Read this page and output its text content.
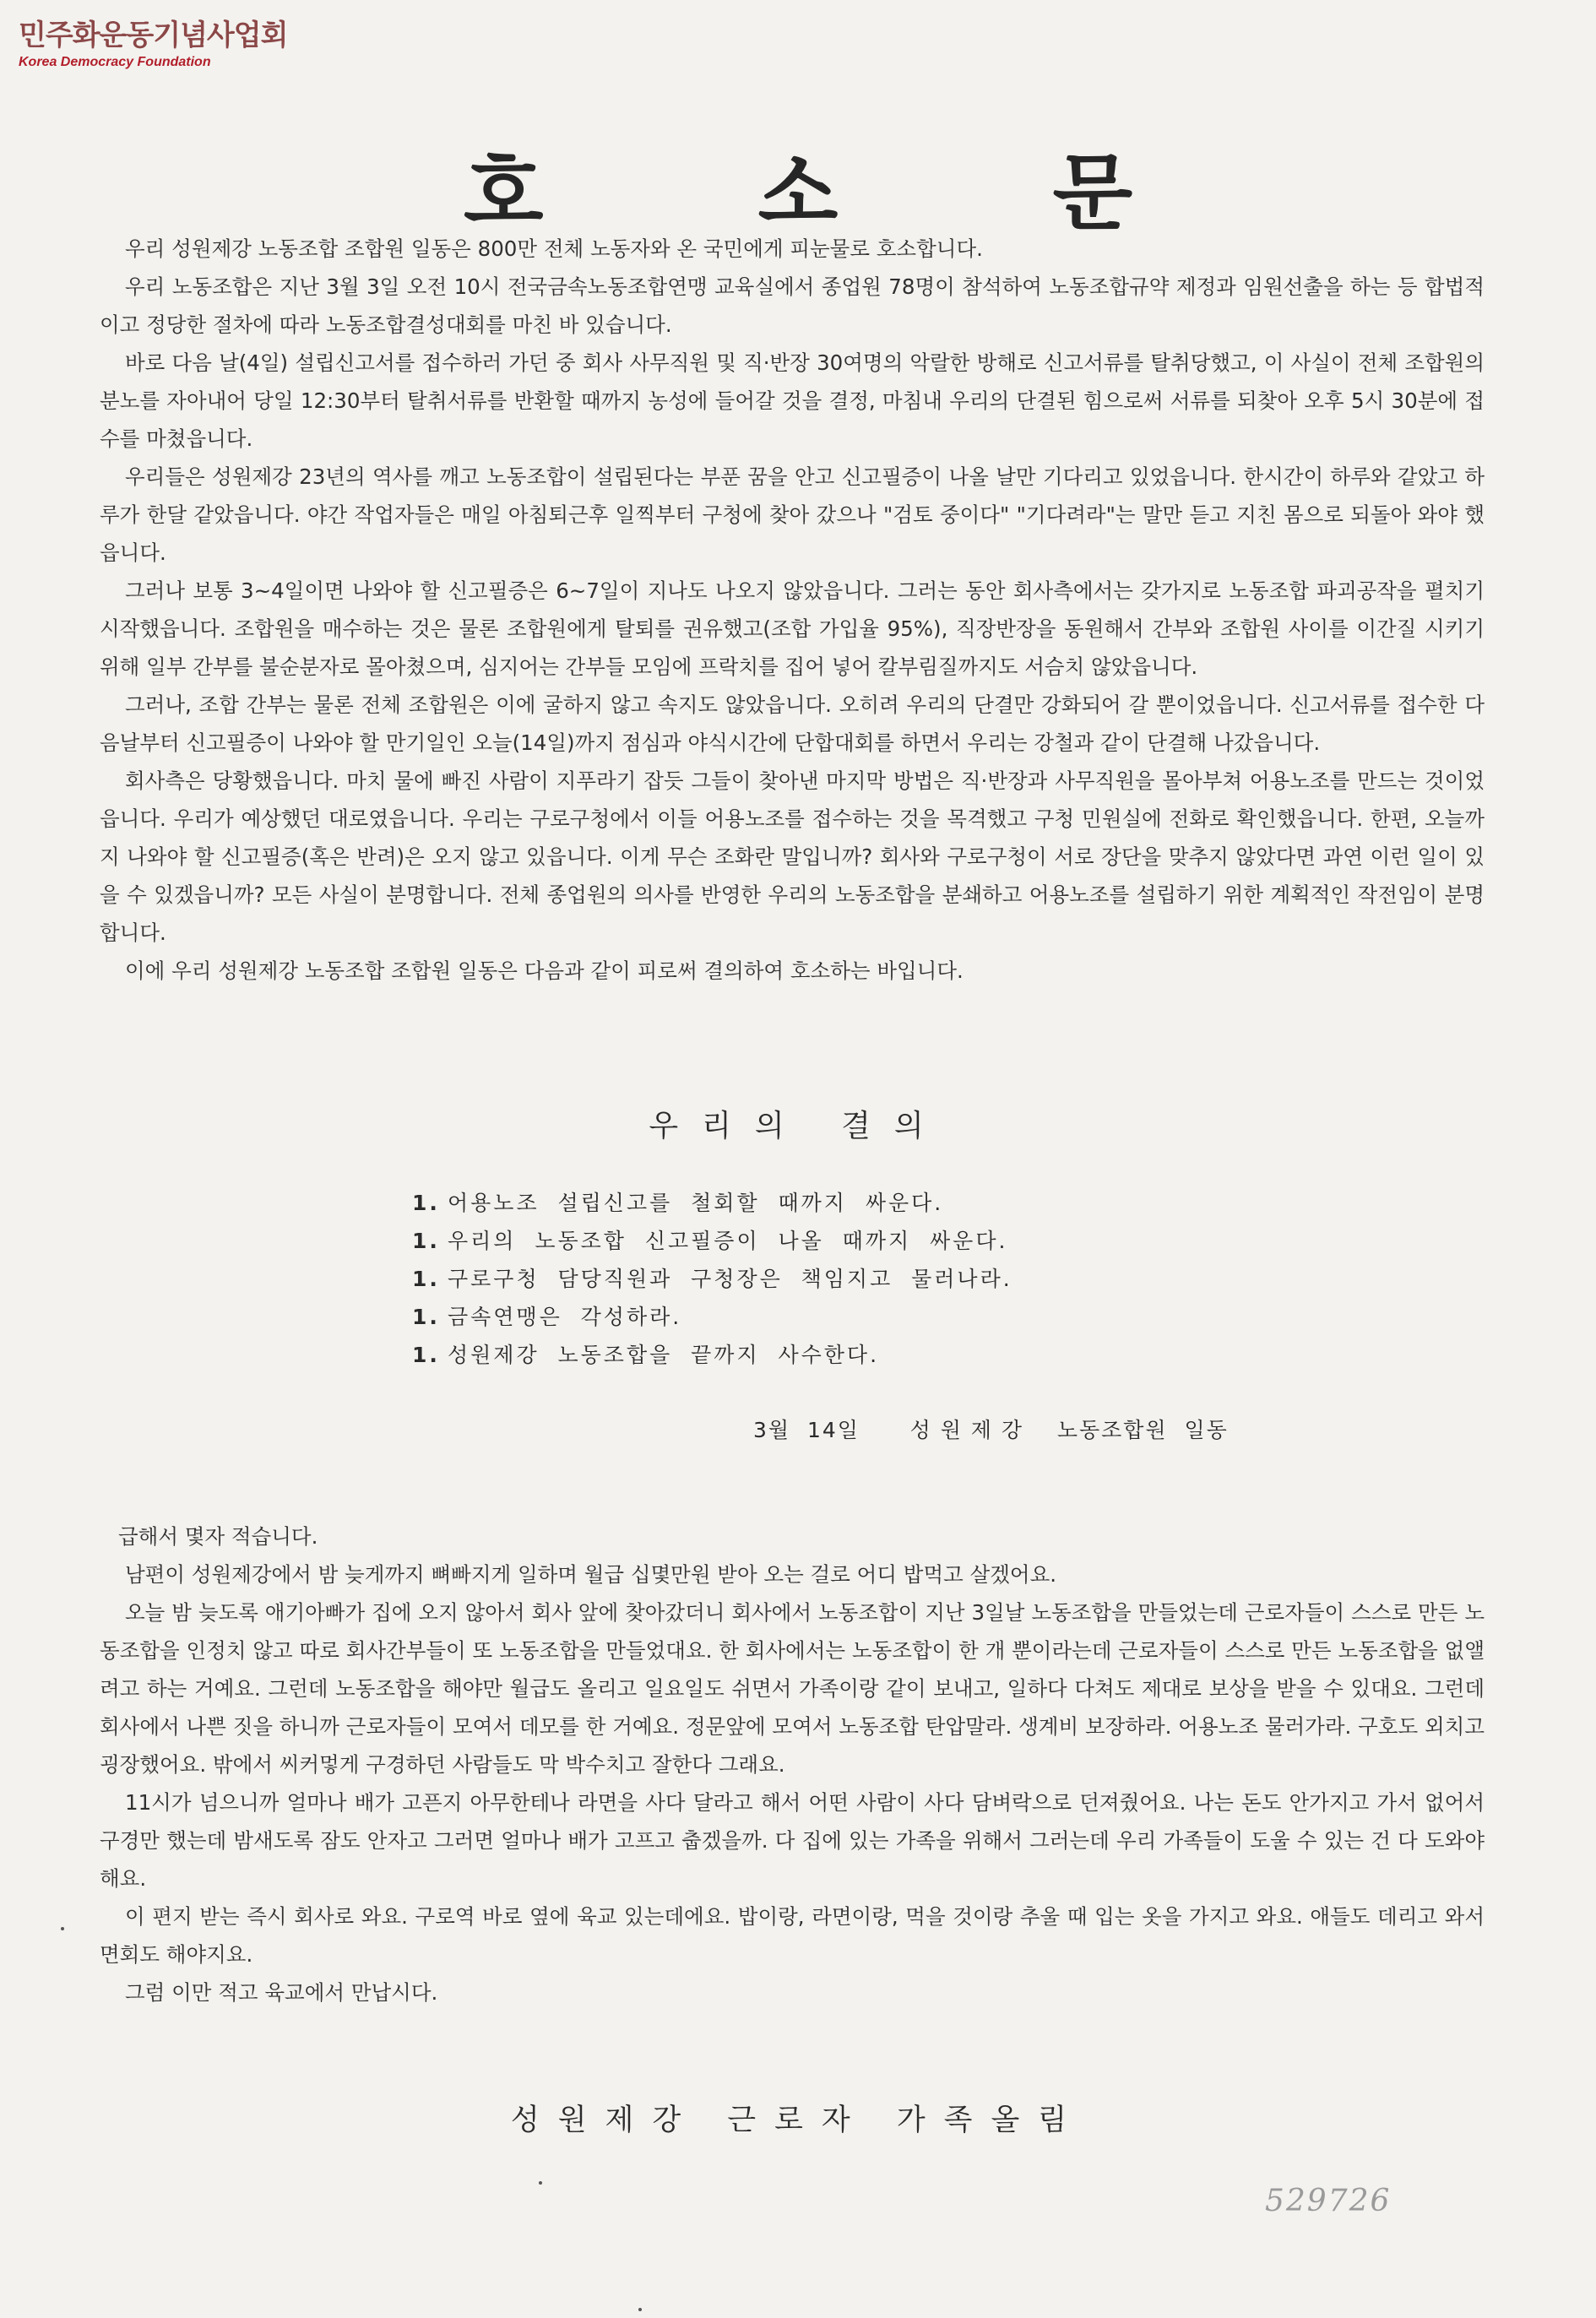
민주화운동기념사업회
Korea Democracy Foundation
호 소 문

우리 성원제강 노동조합 조합원 일동은 800만 전체 노동자와 온 국민에게 피눈물로 호소합니다.

우리 노동조합은 지난 3월 3일 오전 10시 전국금속노동조합연맹 교육실에서 종업원 78명이 참석하여 노동조합규약 제정과 임원선출을 하는 등 합법적이고 정당한 절차에 따라 노동조합결성대회를 마친 바 있습니다.

바로 다음 날(4일) 설립신고서를 접수하러 가던 중 회사 사무직원 및 직·반장 30여명의 악랄한 방해로 신고서류를 탈취당했고, 이 사실이 전체 조합원의 분노를 자아내어 당일 12:30부터 탈취서류를 반환할 때까지 농성에 들어갈 것을 결정, 마침내 우리의 단결된 힘으로써 서류를 되찾아 오후 5시 30분에 접수를 마쳤읍니다.

우리들은 성원제강 23년의 역사를 깨고 노동조합이 설립된다는 부푼 꿈을 안고 신고필증이 나올 날만 기다리고 있었읍니다. 한시간이 하루와 같았고 하루가 한달 같았읍니다. 야간 작업자들은 매일 아침퇴근후 일찍부터 구청에 찾아 갔으나 "검토 중이다" "기다려라"는 말만 듣고 지친 몸으로 되돌아 와야 했읍니다.

그러나 보통 3~4일이면 나와야 할 신고필증은 6~7일이 지나도 나오지 않았읍니다. 그러는 동안 회사측에서는 갖가지로 노동조합 파괴공작을 펼치기 시작했읍니다. 조합원을 매수하는 것은 물론 조합원에게 탈퇴를 권유했고(조합 가입율 95%), 직장반장을 동원해서 간부와 조합원 사이를 이간질 시키기 위해 일부 간부를 불순분자로 몰아쳤으며, 심지어는 간부들 모임에 프락치를 집어 넣어 칼부림질까지도 서슴치 않았읍니다.

그러나, 조합 간부는 물론 전체 조합원은 이에 굴하지 않고 속지도 않았읍니다. 오히려 우리의 단결만 강화되어 갈 뿐이었읍니다. 신고서류를 접수한 다음날부터 신고필증이 나와야 할 만기일인 오늘(14일)까지 점심과 야식시간에 단합대회를 하면서 우리는 강철과 같이 단결해 나갔읍니다.

회사측은 당황했읍니다. 마치 물에 빠진 사람이 지푸라기 잡듯 그들이 찾아낸 마지막 방법은 직·반장과 사무직원을 몰아부쳐 어용노조를 만드는 것이었읍니다. 우리가 예상했던 대로였읍니다. 우리는 구로구청에서 이들 어용노조를 접수하는 것을 목격했고 구청 민원실에 전화로 확인했읍니다. 한편, 오늘까지 나와야 할 신고필증(혹은 반려)은 오지 않고 있읍니다. 이게 무슨 조화란 말입니까? 회사와 구로구청이 서로 장단을 맞추지 않았다면 과연 이런 일이 있을 수 있겠읍니까? 모든 사실이 분명합니다. 전체 종업원의 의사를 반영한 우리의 노동조합을 분쇄하고 어용노조를 설립하기 위한 계획적인 작전임이 분명합니다.

이에 우리 성원제강 노동조합 조합원 일동은 다음과 같이 피로써 결의하여 호소하는 바입니다.

우리의 결의
1. 어용노조  설립신고를  철회할  때까지  싸운다.
1. 우리의  노동조합  신고필증이  나올  때까지  싸운다.
1. 구로구청  담당직원과  구청장은  책임지고  물러나라.
1. 금속연맹은  각성하라.
1. 성원제강  노동조합을  끝까지  사수한다.
3월  14일      성 원 제 강    노동조합원  일동

급해서 몇자 적습니다.

남편이 성원제강에서 밤 늦게까지 뼈빠지게 일하며 월급 십몇만원 받아 오는 걸로 어디 밥먹고 살겠어요.

오늘 밤 늦도록 애기아빠가 집에 오지 않아서 회사 앞에 찾아갔더니 회사에서 노동조합이 지난 3일날 노동조합을 만들었는데 근로자들이 스스로 만든 노동조합을 인정치 않고 따로 회사간부들이 또 노동조합을 만들었대요. 한 회사에서는 노동조합이 한 개 뿐이라는데 근로자들이 스스로 만든 노동조합을 없앨려고 하는 거예요. 그런데 노동조합을 해야만 월급도 올리고 일요일도 쉬면서 가족이랑 같이 보내고, 일하다 다쳐도 제대로 보상을 받을 수 있대요. 그런데 회사에서 나쁜 짓을 하니까 근로자들이 모여서 데모를 한 거예요. 정문앞에 모여서 노동조합 탄압말라. 생계비 보장하라. 어용노조 물러가라. 구호도 외치고 굉장했어요. 밖에서 씨커멓게 구경하던 사람들도 막 박수치고 잘한다 그래요.

11시가 넘으니까 얼마나 배가 고픈지 아무한테나 라면을 사다 달라고 해서 어떤 사람이 사다 담벼락으로 던져줬어요. 나는 돈도 안가지고 가서 없어서 구경만 했는데 밤새도록 잠도 안자고 그러면 얼마나 배가 고프고 춥겠을까. 다 집에 있는 가족을 위해서 그러는데 우리 가족들이 도울 수 있는 건 다 도와야 해요.

이 편지 받는 즉시 회사로 와요. 구로역 바로 옆에 육교 있는데에요. 밥이랑, 라면이랑, 먹을 것이랑 추울 때 입는 옷을 가지고 와요. 애들도 데리고 와서 면회도 해야지요.

그럼 이만 적고 육교에서 만납시다.

성원제강 근로자 가족올림
529726
